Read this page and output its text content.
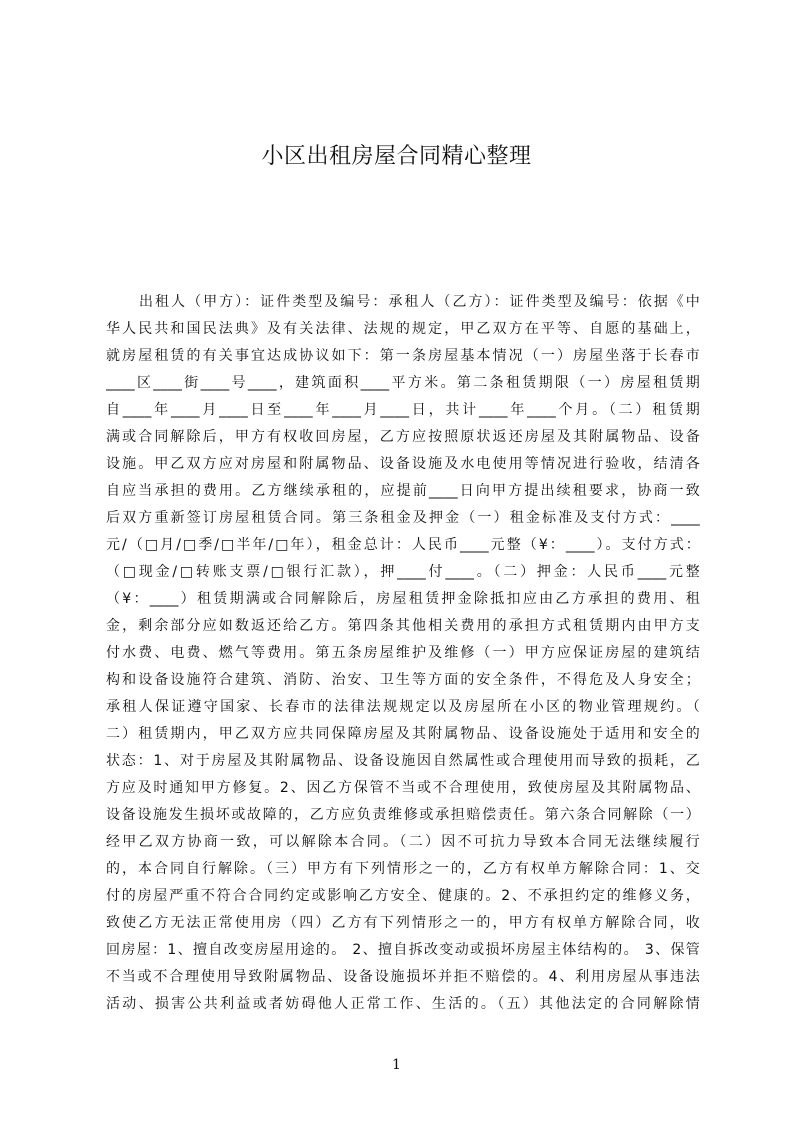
小区出租房屋合同精心整理
出租人（甲方）：证件类型及编号：承租人（乙方）：证件类型及编号：依据《中
华人民共和国民法典》及有关法律、法规的规定，甲乙双方在平等、自愿的基础上，
就房屋租赁的有关事宜达成协议如下：第一条房屋基本情况（一）房屋坐落于长春市
____区____街____号____，建筑面积____平方米。第二条租赁期限（一）房屋租赁期
自____年____月____日至____年____月____日，共计____年____个月。（二）租赁期
满或合同解除后，甲方有权收回房屋，乙方应按照原状返还房屋及其附属物品、设备
设施。甲乙双方应对房屋和附属物品、设备设施及水电使用等情况进行验收，结清各
自应当承担的费用。乙方继续承租的，应提前____日向甲方提出续租要求，协商一致
后双方重新签订房屋租赁合同。第三条租金及押金（一）租金标准及支付方式：____
元/（□月/□季/□半年/□年），租金总计：人民币____元整（¥：____）。支付方式：
（□现金/□转账支票/□银行汇款），押____付____。（二）押金：人民币____元整
（¥：____）租赁期满或合同解除后，房屋租赁押金除抵扣应由乙方承担的费用、租
金，剩余部分应如数返还给乙方。第四条其他相关费用的承担方式租赁期内由甲方支
付水费、电费、燃气等费用。第五条房屋维护及维修（一）甲方应保证房屋的建筑结
构和设备设施符合建筑、消防、治安、卫生等方面的安全条件，不得危及人身安全；
承租人保证遵守国家、长春市的法律法规规定以及房屋所在小区的物业管理规约。（
二）租赁期内，甲乙双方应共同保障房屋及其附属物品、设备设施处于适用和安全的
状态：1、对于房屋及其附属物品、设备设施因自然属性或合理使用而导致的损耗，乙
方应及时通知甲方修复。2、因乙方保管不当或不合理使用，致使房屋及其附属物品、
设备设施发生损坏或故障的，乙方应负责维修或承担赔偿责任。第六条合同解除（一）
经甲乙双方协商一致，可以解除本合同。（二）因不可抗力导致本合同无法继续履行
的，本合同自行解除。（三）甲方有下列情形之一的，乙方有权单方解除合同：1、交
付的房屋严重不符合合同约定或影响乙方安全、健康的。2、不承担约定的维修义务，
致使乙方无法正常使用房（四）乙方有下列情形之一的，甲方有权单方解除合同，收
回房屋：1、擅自改变房屋用途的。 2、擅自拆改变动或损坏房屋主体结构的。 3、保管
不当或不合理使用导致附属物品、设备设施损坏并拒不赔偿的。4、利用房屋从事违法
活动、损害公共利益或者妨碍他人正常工作、生活的。（五）其他法定的合同解除情
1
